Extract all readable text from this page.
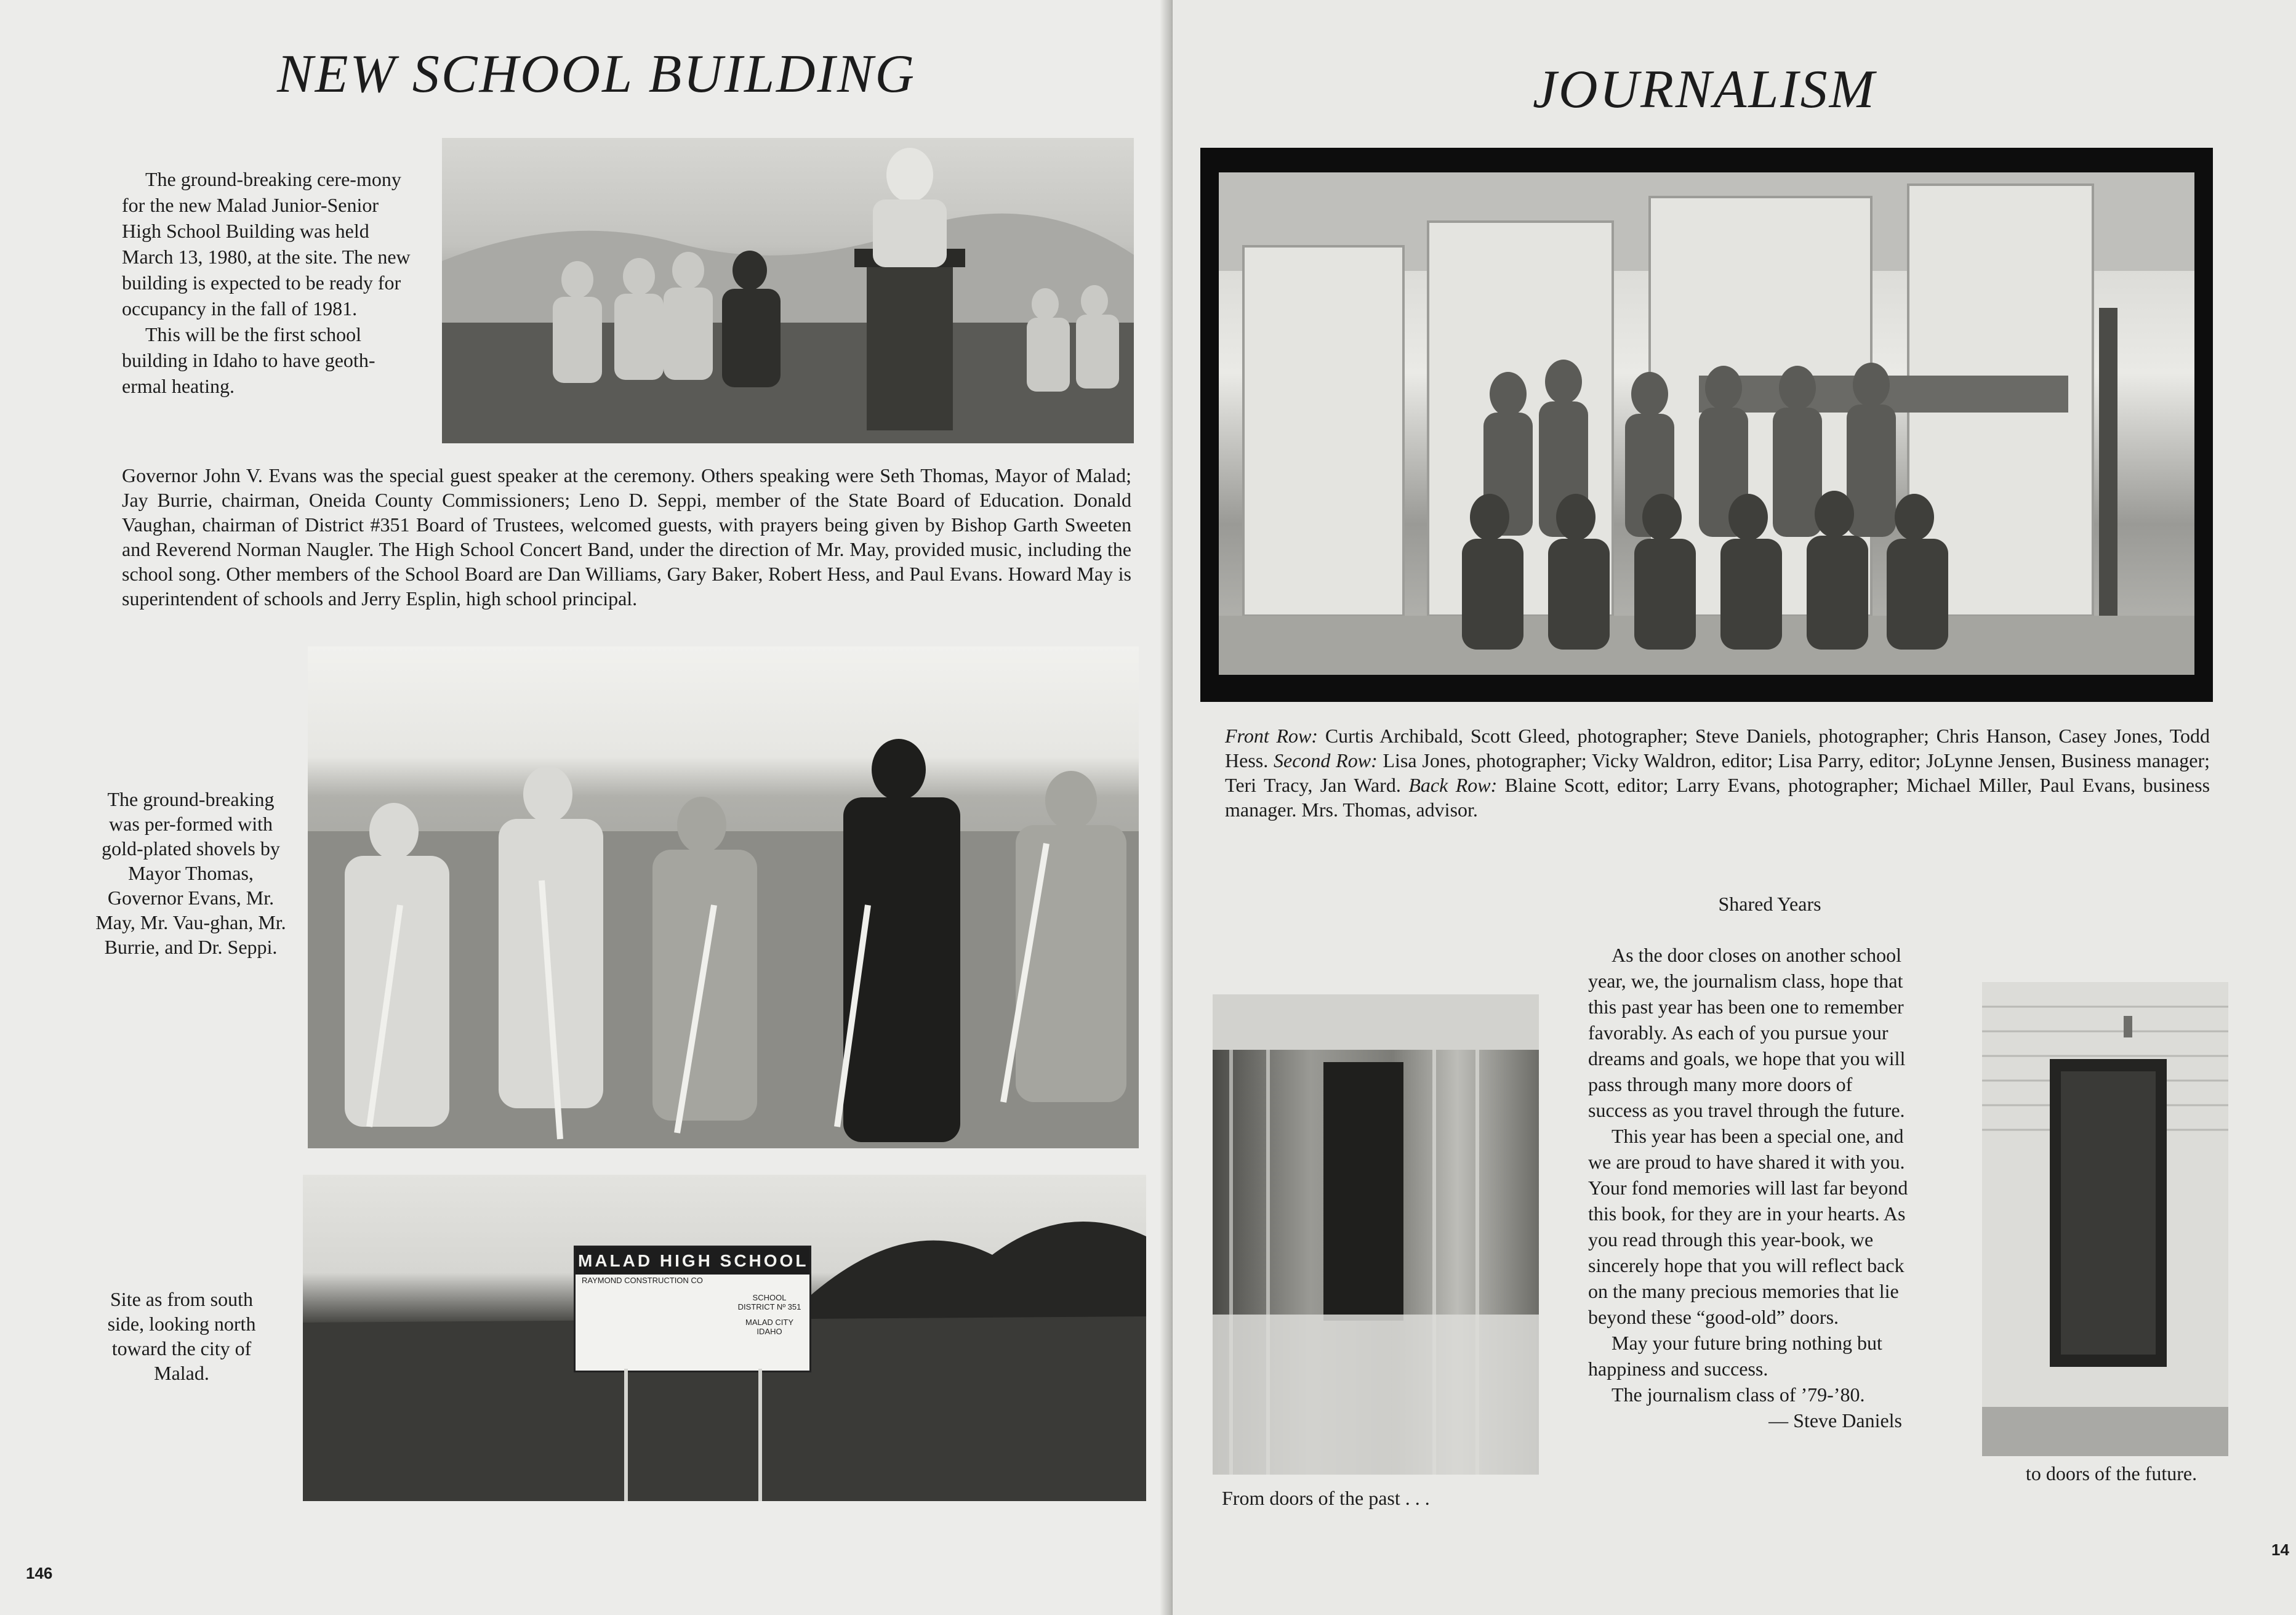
NEW SCHOOL BUILDING

The ground-breaking cere-mony for the new Malad Junior-Senior High School Building was held March 13, 1980, at the site. The new building is expected to be ready for occupancy in the fall of 1981.

This will be the first school building in Idaho to have geoth-ermal heating.

Governor John V. Evans was the special guest speaker at the ceremony. Others speaking were Seth Thomas, Mayor of Malad; Jay Burrie, chairman, Oneida County Commissioners; Leno D. Seppi, member of the State Board of Education. Donald Vaughan, chairman of District #351 Board of Trustees, welcomed guests, with prayers being given by Bishop Garth Sweeten and Reverend Norman Naugler. The High School Concert Band, under the direction of Mr. May, provided music, including the school song. Other members of the School Board are Dan Williams, Gary Baker, Robert Hess, and Paul Evans. Howard May is superintendent of schools and Jerry Esplin, high school principal.
The ground-breaking was per-formed with gold-plated shovels by Mayor Thomas, Governor Evans, Mr. May, Mr. Vau-ghan, Mr. Burrie, and Dr. Seppi.
MALAD HIGH SCHOOL
RAYMOND CONSTRUCTION CO
SCHOOL DISTRICT Nº 351
MALAD CITY IDAHO
Site as from south side, looking north toward the city of Malad.
146
JOURNALISM
Front Row: Curtis Archibald, Scott Gleed, photographer; Steve Daniels, photographer; Chris Hanson, Casey Jones, Todd Hess. Second Row: Lisa Jones, photographer; Vicky Waldron, editor; Lisa Parry, editor; JoLynne Jensen, Business manager; Teri Tracy, Jan Ward. Back Row: Blaine Scott, editor; Larry Evans, photographer; Michael Miller, Paul Evans, business manager. Mrs. Thomas, advisor.
Shared Years

As the door closes on another school year, we, the journalism class, hope that this past year has been one to remember favorably. As each of you pursue your dreams and goals, we hope that you will pass through many more doors of success as you travel through the future.

This year has been a special one, and we are proud to have shared it with you. Your fond memories will last far beyond this book, for they are in your hearts. As you read through this year-book, we sincerely hope that you will reflect back on the many precious memories that lie beyond these “good-old” doors.

May your future bring nothing but happiness and success.

The journalism class of ’79-’80.

— Steve Daniels
From doors of the past . . .
to doors of the future.
14
